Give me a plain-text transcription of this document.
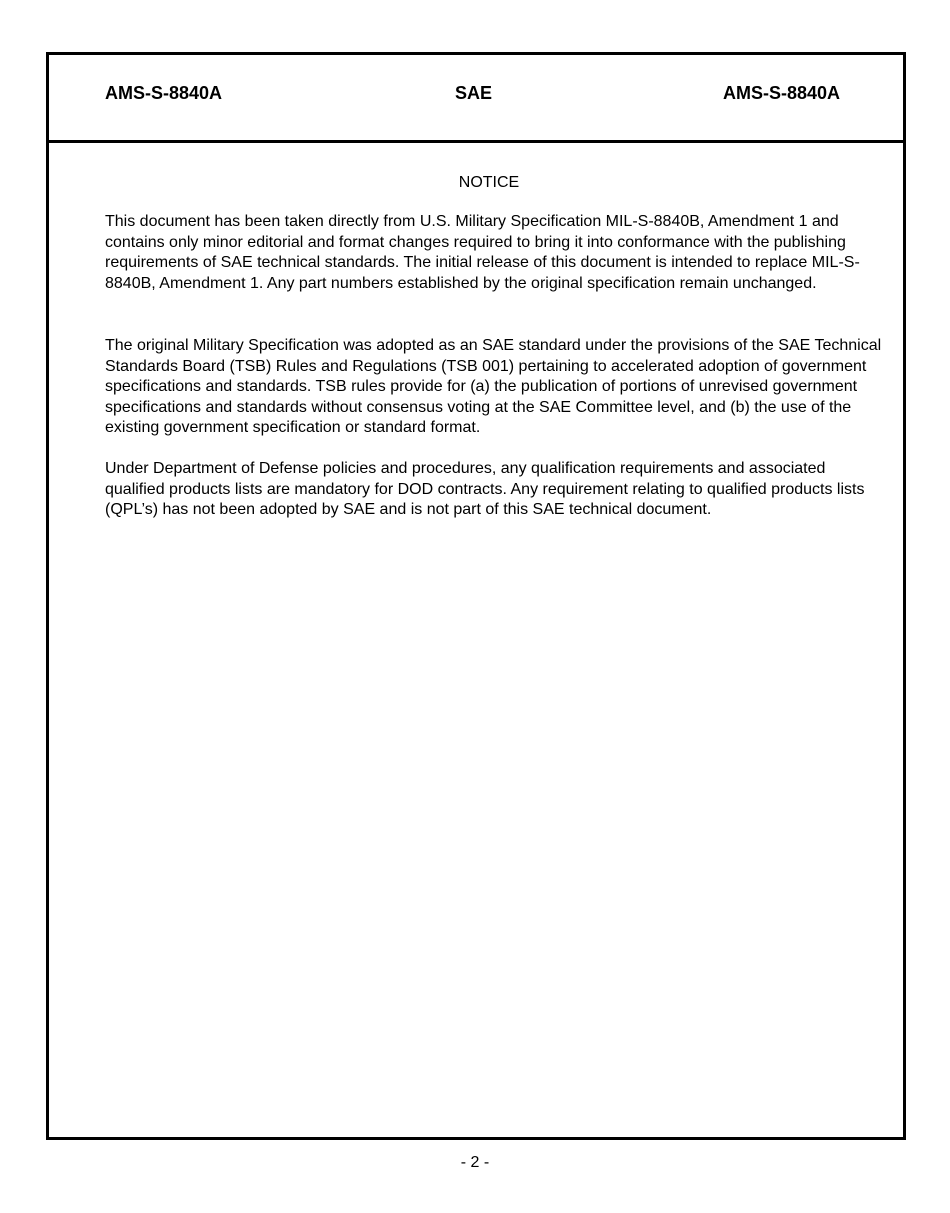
AMS-S-8840A	SAE	AMS-S-8840A
NOTICE

This document has been taken directly from U.S. Military Specification MIL-S-8840B, Amendment 1 and contains only minor editorial and format changes required to bring it into conformance with the publishing requirements of SAE technical standards. The initial release of this document is intended to replace MIL-S-8840B, Amendment 1. Any part numbers established by the original specification remain unchanged.

The original Military Specification was adopted as an SAE standard under the provisions of the SAE Technical Standards Board (TSB) Rules and Regulations (TSB 001) pertaining to accelerated adoption of government specifications and standards. TSB rules provide for (a) the publication of portions of unrevised government specifications and standards without consensus voting at the SAE Committee level, and (b) the use of the existing government specification or standard format.

Under Department of Defense policies and procedures, any qualification requirements and associated qualified products lists are mandatory for DOD contracts. Any requirement relating to qualified products lists (QPL’s) has not been adopted by SAE and is not part of this SAE technical document.

- 2 -
